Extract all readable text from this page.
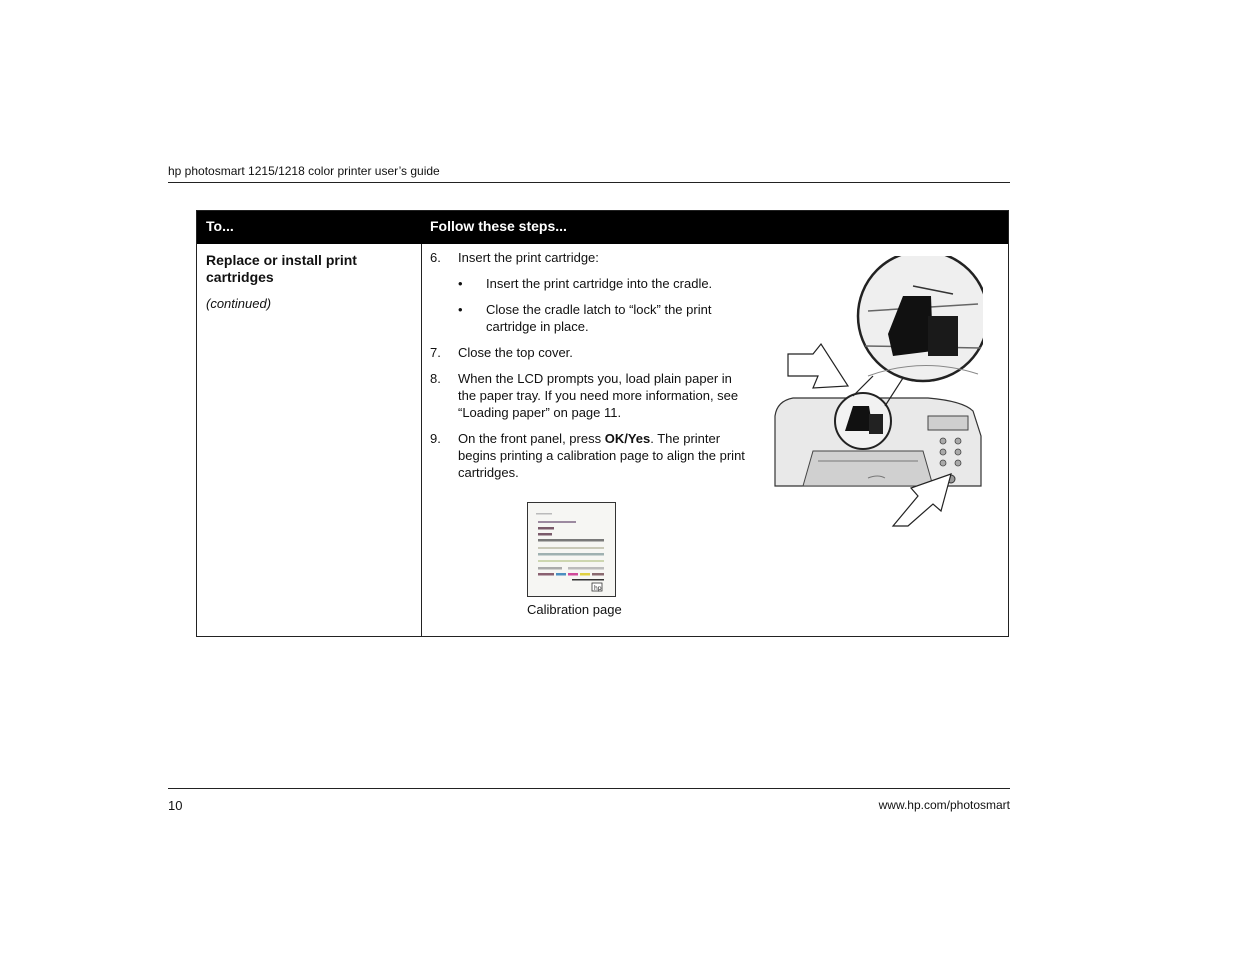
hp photosmart 1215/1218 color printer user’s guide
To...	Follow these steps...
Replace or install print cartridges
(continued)
6. Insert the print cartridge:
• Insert the print cartridge into the cradle.
• Close the cradle latch to “lock” the print cartridge in place.
7. Close the top cover.
8. When the LCD prompts you, load plain paper in the paper tray. If you need more information, see “Loading paper” on page 11.
9. On the front panel, press OK/Yes. The printer begins printing a calibration page to align the print cartridges.
hp
Calibration page
10	www.hp.com/photosmart
